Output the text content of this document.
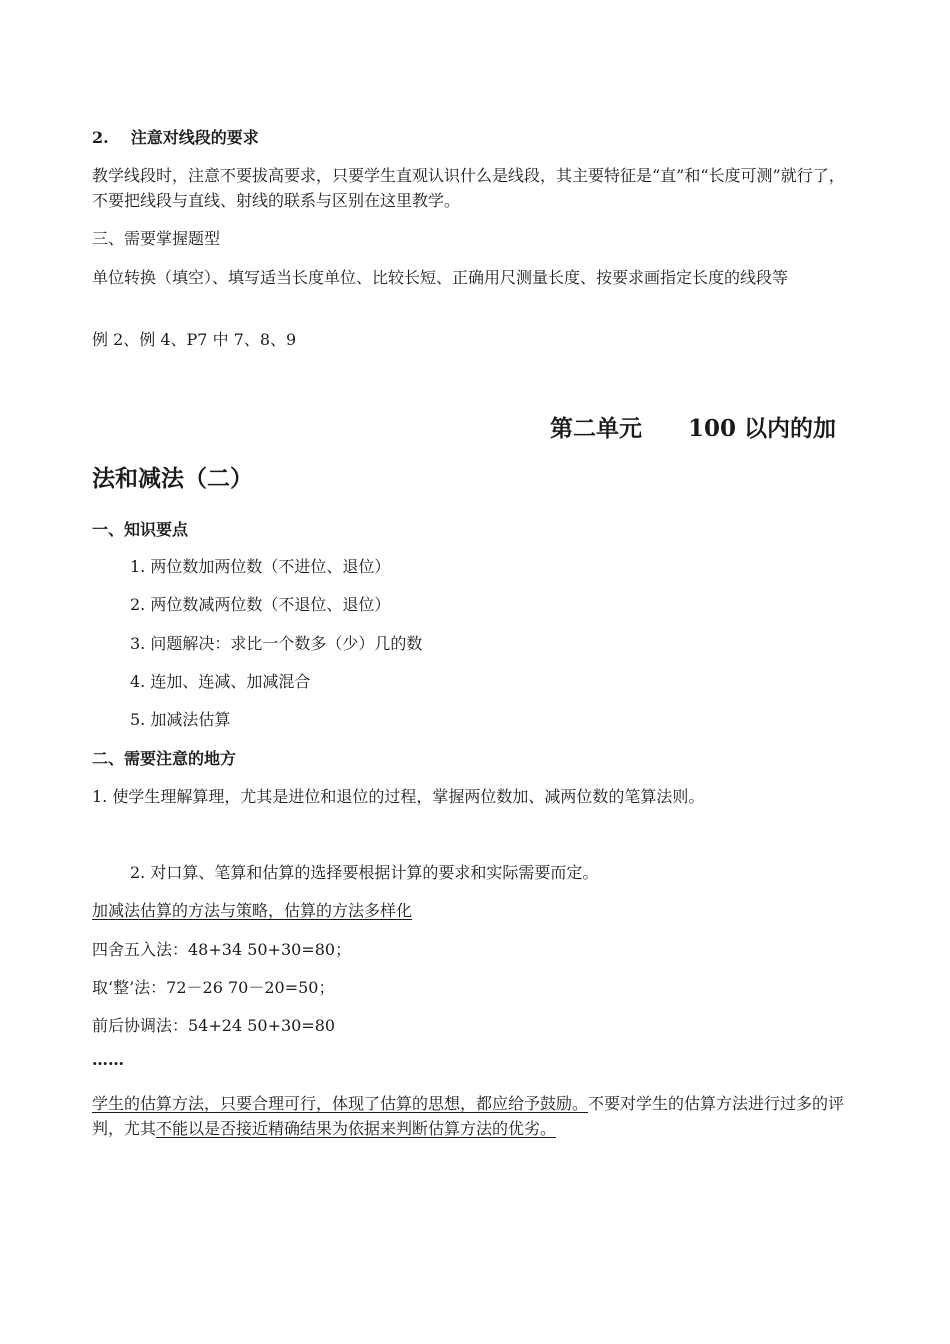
2. 注意对线段的要求
教学线段时，注意不要拔高要求，只要学生直观认识什么是线段，其主要特征是“直”和“长度可测”就行了，不要把线段与直线、射线的联系与区别在这里教学。
三、需要掌握题型
单位转换（填空）、填写适当长度单位、比较长短、正确用尺测量长度、按要求画指定长度的线段等
例 2、例 4、P7 中 7、8、9
第二单元　　100 以内的加
法和减法（二）
一、知识要点
1. 两位数加两位数（不进位、退位）
2. 两位数减两位数（不退位、退位）
3. 问题解决：求比一个数多（少）几的数
4. 连加、连减、加减混合
5. 加减法估算
二、需要注意的地方
1. 使学生理解算理，尤其是进位和退位的过程，掌握两位数加、减两位数的笔算法则。
2. 对口算、笔算和估算的选择要根据计算的要求和实际需要而定。
加减法估算的方法与策略，估算的方法多样化
四舍五入法：48+34 50+30=80；
取‘整’法：72－26 70－20=50；
前后协调法：54+24 50+30=80
……
学生的估算方法，只要合理可行，体现了估算的思想，都应给予鼓励。不要对学生的估算方法进行过多的评判，尤其不能以是否接近精确结果为依据来判断估算方法的优劣。
